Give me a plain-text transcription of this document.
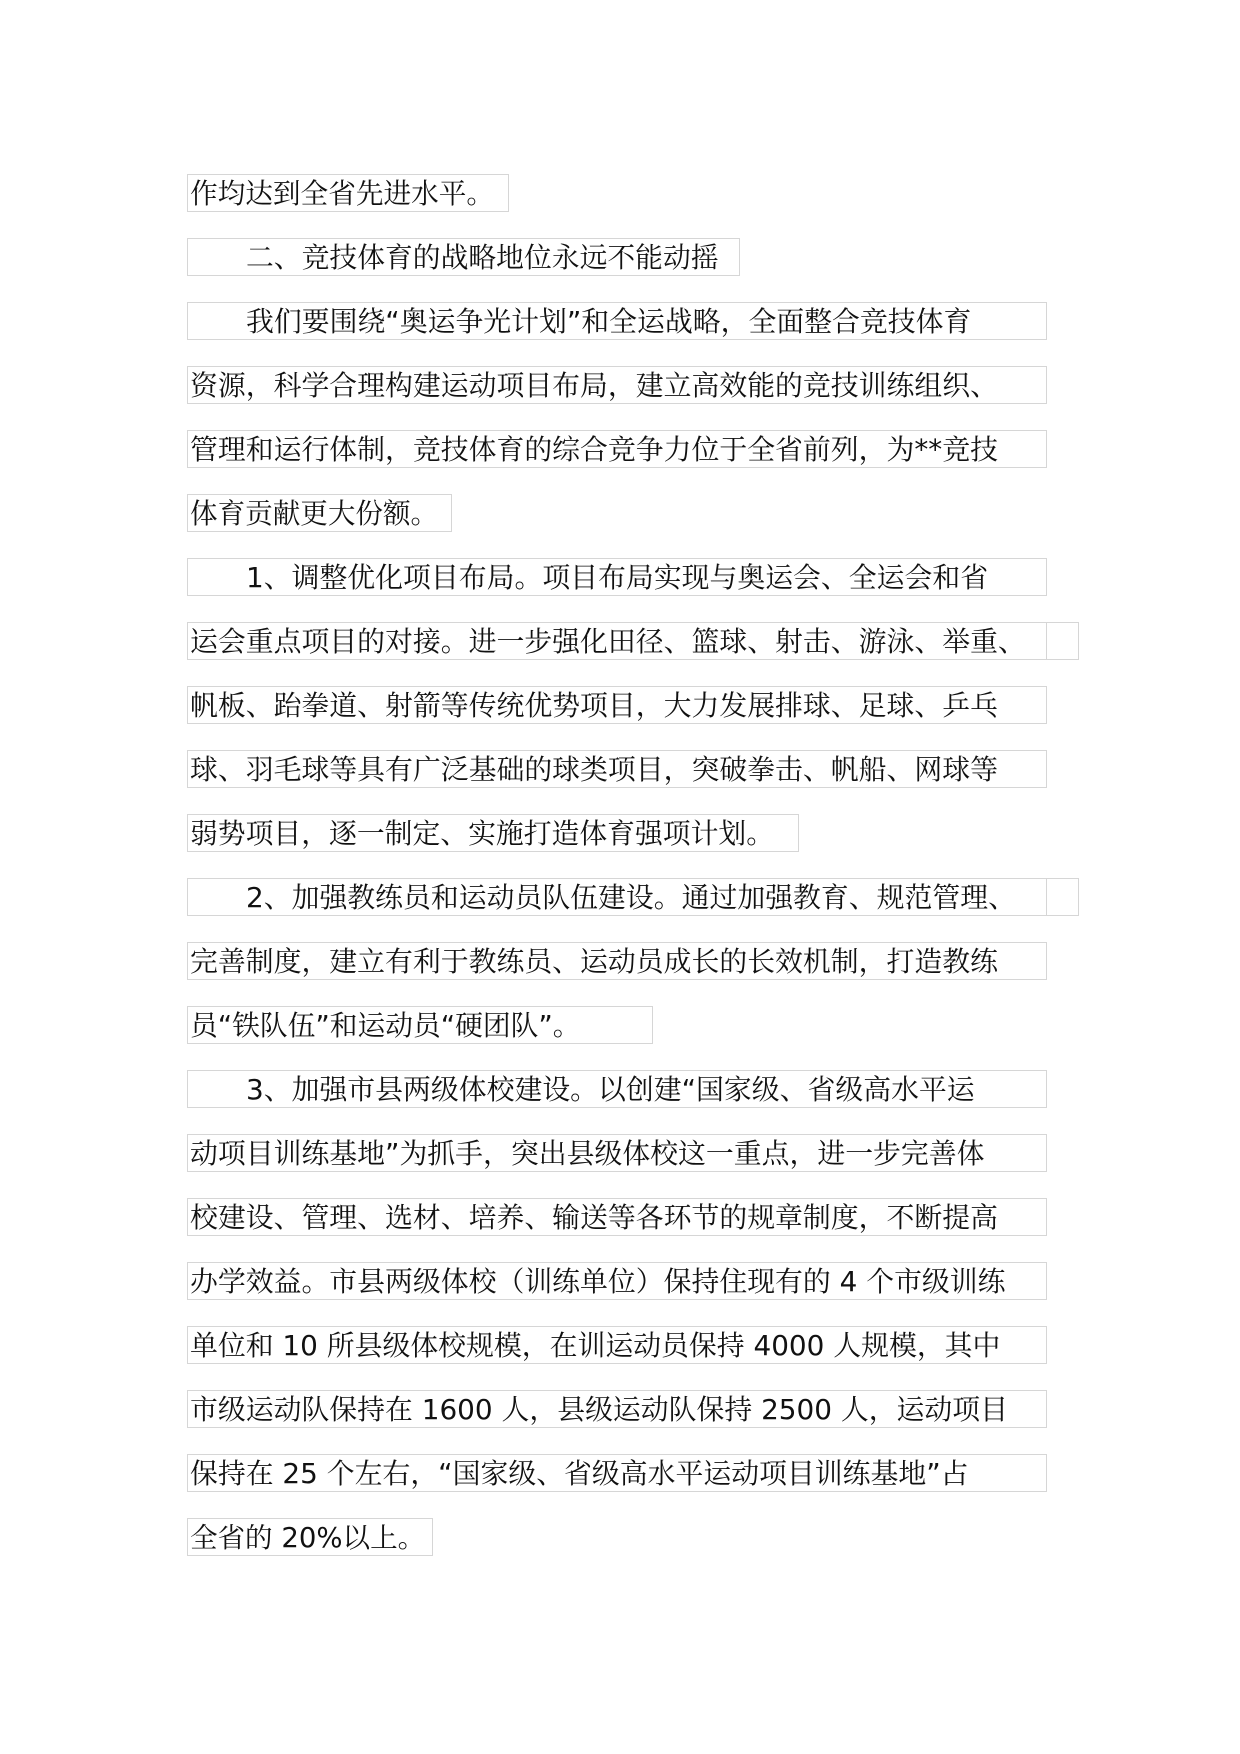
作均达到全省先进水平。
二、竞技体育的战略地位永远不能动摇
我们要围绕“奥运争光计划”和全运战略，全面整合竞技体育
资源，科学合理构建运动项目布局，建立高效能的竞技训练组织、
管理和运行体制，竞技体育的综合竞争力位于全省前列，为**竞技
体育贡献更大份额。
1、调整优化项目布局。项目布局实现与奥运会、全运会和省
运会重点项目的对接。进一步强化田径、篮球、射击、游泳、举重、
帆板、跆拳道、射箭等传统优势项目，大力发展排球、足球、乒乓
球、羽毛球等具有广泛基础的球类项目，突破拳击、帆船、网球等
弱势项目，逐一制定、实施打造体育强项计划。
2、加强教练员和运动员队伍建设。通过加强教育、规范管理、
完善制度，建立有利于教练员、运动员成长的长效机制，打造教练
员“铁队伍”和运动员“硬团队”。
3、加强市县两级体校建设。以创建“国家级、省级高水平运
动项目训练基地”为抓手，突出县级体校这一重点，进一步完善体
校建设、管理、选材、培养、输送等各环节的规章制度，不断提高
办学效益。市县两级体校（训练单位）保持住现有的 4 个市级训练
单位和 10 所县级体校规模，在训运动员保持 4000 人规模，其中
市级运动队保持在 1600 人，县级运动队保持 2500 人，运动项目
保持在 25 个左右，“国家级、省级高水平运动项目训练基地”占
全省的 20%以上。
